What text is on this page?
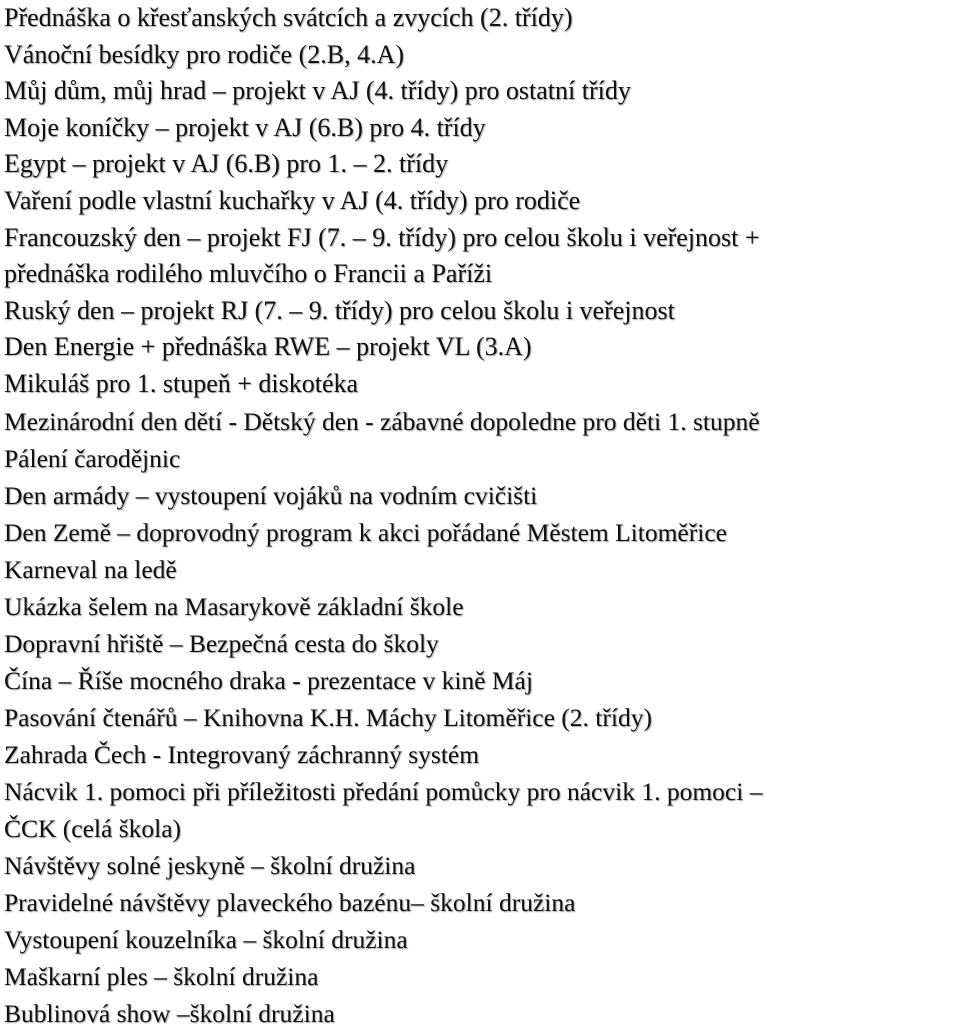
Přednáška o křesťanských svátcích a zvycích (2. třídy)
Vánoční besídky pro rodiče (2.B, 4.A)
Můj dům, můj hrad – projekt v AJ (4. třídy) pro ostatní třídy
Moje koníčky – projekt v AJ (6.B) pro 4. třídy
Egypt – projekt v AJ (6.B) pro 1. – 2. třídy
Vaření podle vlastní kuchařky v AJ (4. třídy) pro rodiče
Francouzský den – projekt FJ (7. – 9. třídy) pro celou školu i veřejnost +
přednáška rodilého mluvčího o Francii a Paříži
Ruský den – projekt RJ (7. – 9. třídy) pro celou školu i veřejnost
Den Energie + přednáška RWE – projekt VL (3.A)
Mikuláš pro 1. stupeň + diskotéka
Mezinárodní den dětí - Dětský den - zábavné dopoledne pro děti 1. stupně
Pálení čarodějnic
Den armády – vystoupení vojáků na vodním cvičišti
Den Země – doprovodný program k akci pořádané Městem Litoměřice
Karneval na ledě
Ukázka šelem na Masarykově základní škole
Dopravní hřiště – Bezpečná cesta do školy
Čína – Říše mocného draka - prezentace v kině Máj
Pasování čtenářů – Knihovna K.H. Máchy Litoměřice (2. třídy)
Zahrada Čech - Integrovaný záchranný systém
Nácvik 1. pomoci při příležitosti předání pomůcky pro nácvik 1. pomoci –
ČCK (celá škola)
Návštěvy solné jeskyně – školní družina
Pravidelné návštěvy plaveckého bazénu– školní družina
Vystoupení kouzelníka – školní družina
Maškarní ples – školní družina
Bublinová show –školní družina
